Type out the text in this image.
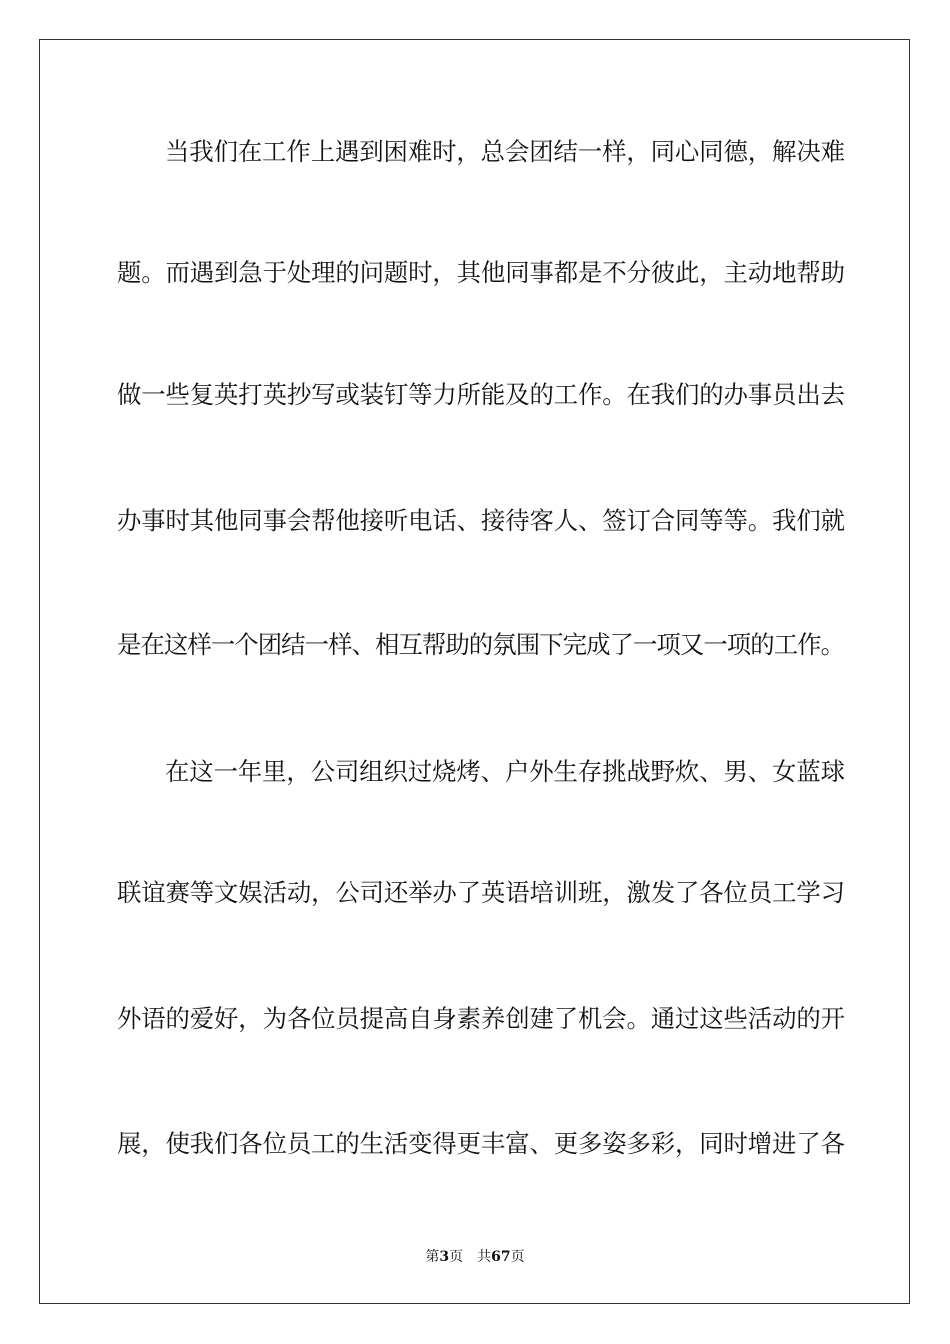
当我们在工作上遇到困难时，总会团结一样，同心同德，解决难
题。而遇到急于处理的问题时，其他同事都是不分彼此，主动地帮助
做一些复英打英抄写或装钉等力所能及的工作。在我们的办事员出去
办事时其他同事会帮他接听电话、接待客人、签订合同等等。我们就
是在这样一个团结一样、相互帮助的氛围下完成了一项又一项的工作。
在这一年里，公司组织过烧烤、户外生存挑战野炊、男、女蓝球
联谊赛等文娱活动，公司还举办了英语培训班，激发了各位员工学习
外语的爱好，为各位员提高自身素养创建了机会。通过这些活动的开
展，使我们各位员工的生活变得更丰富、更多姿多彩，同时增进了各
第3页 共67页
